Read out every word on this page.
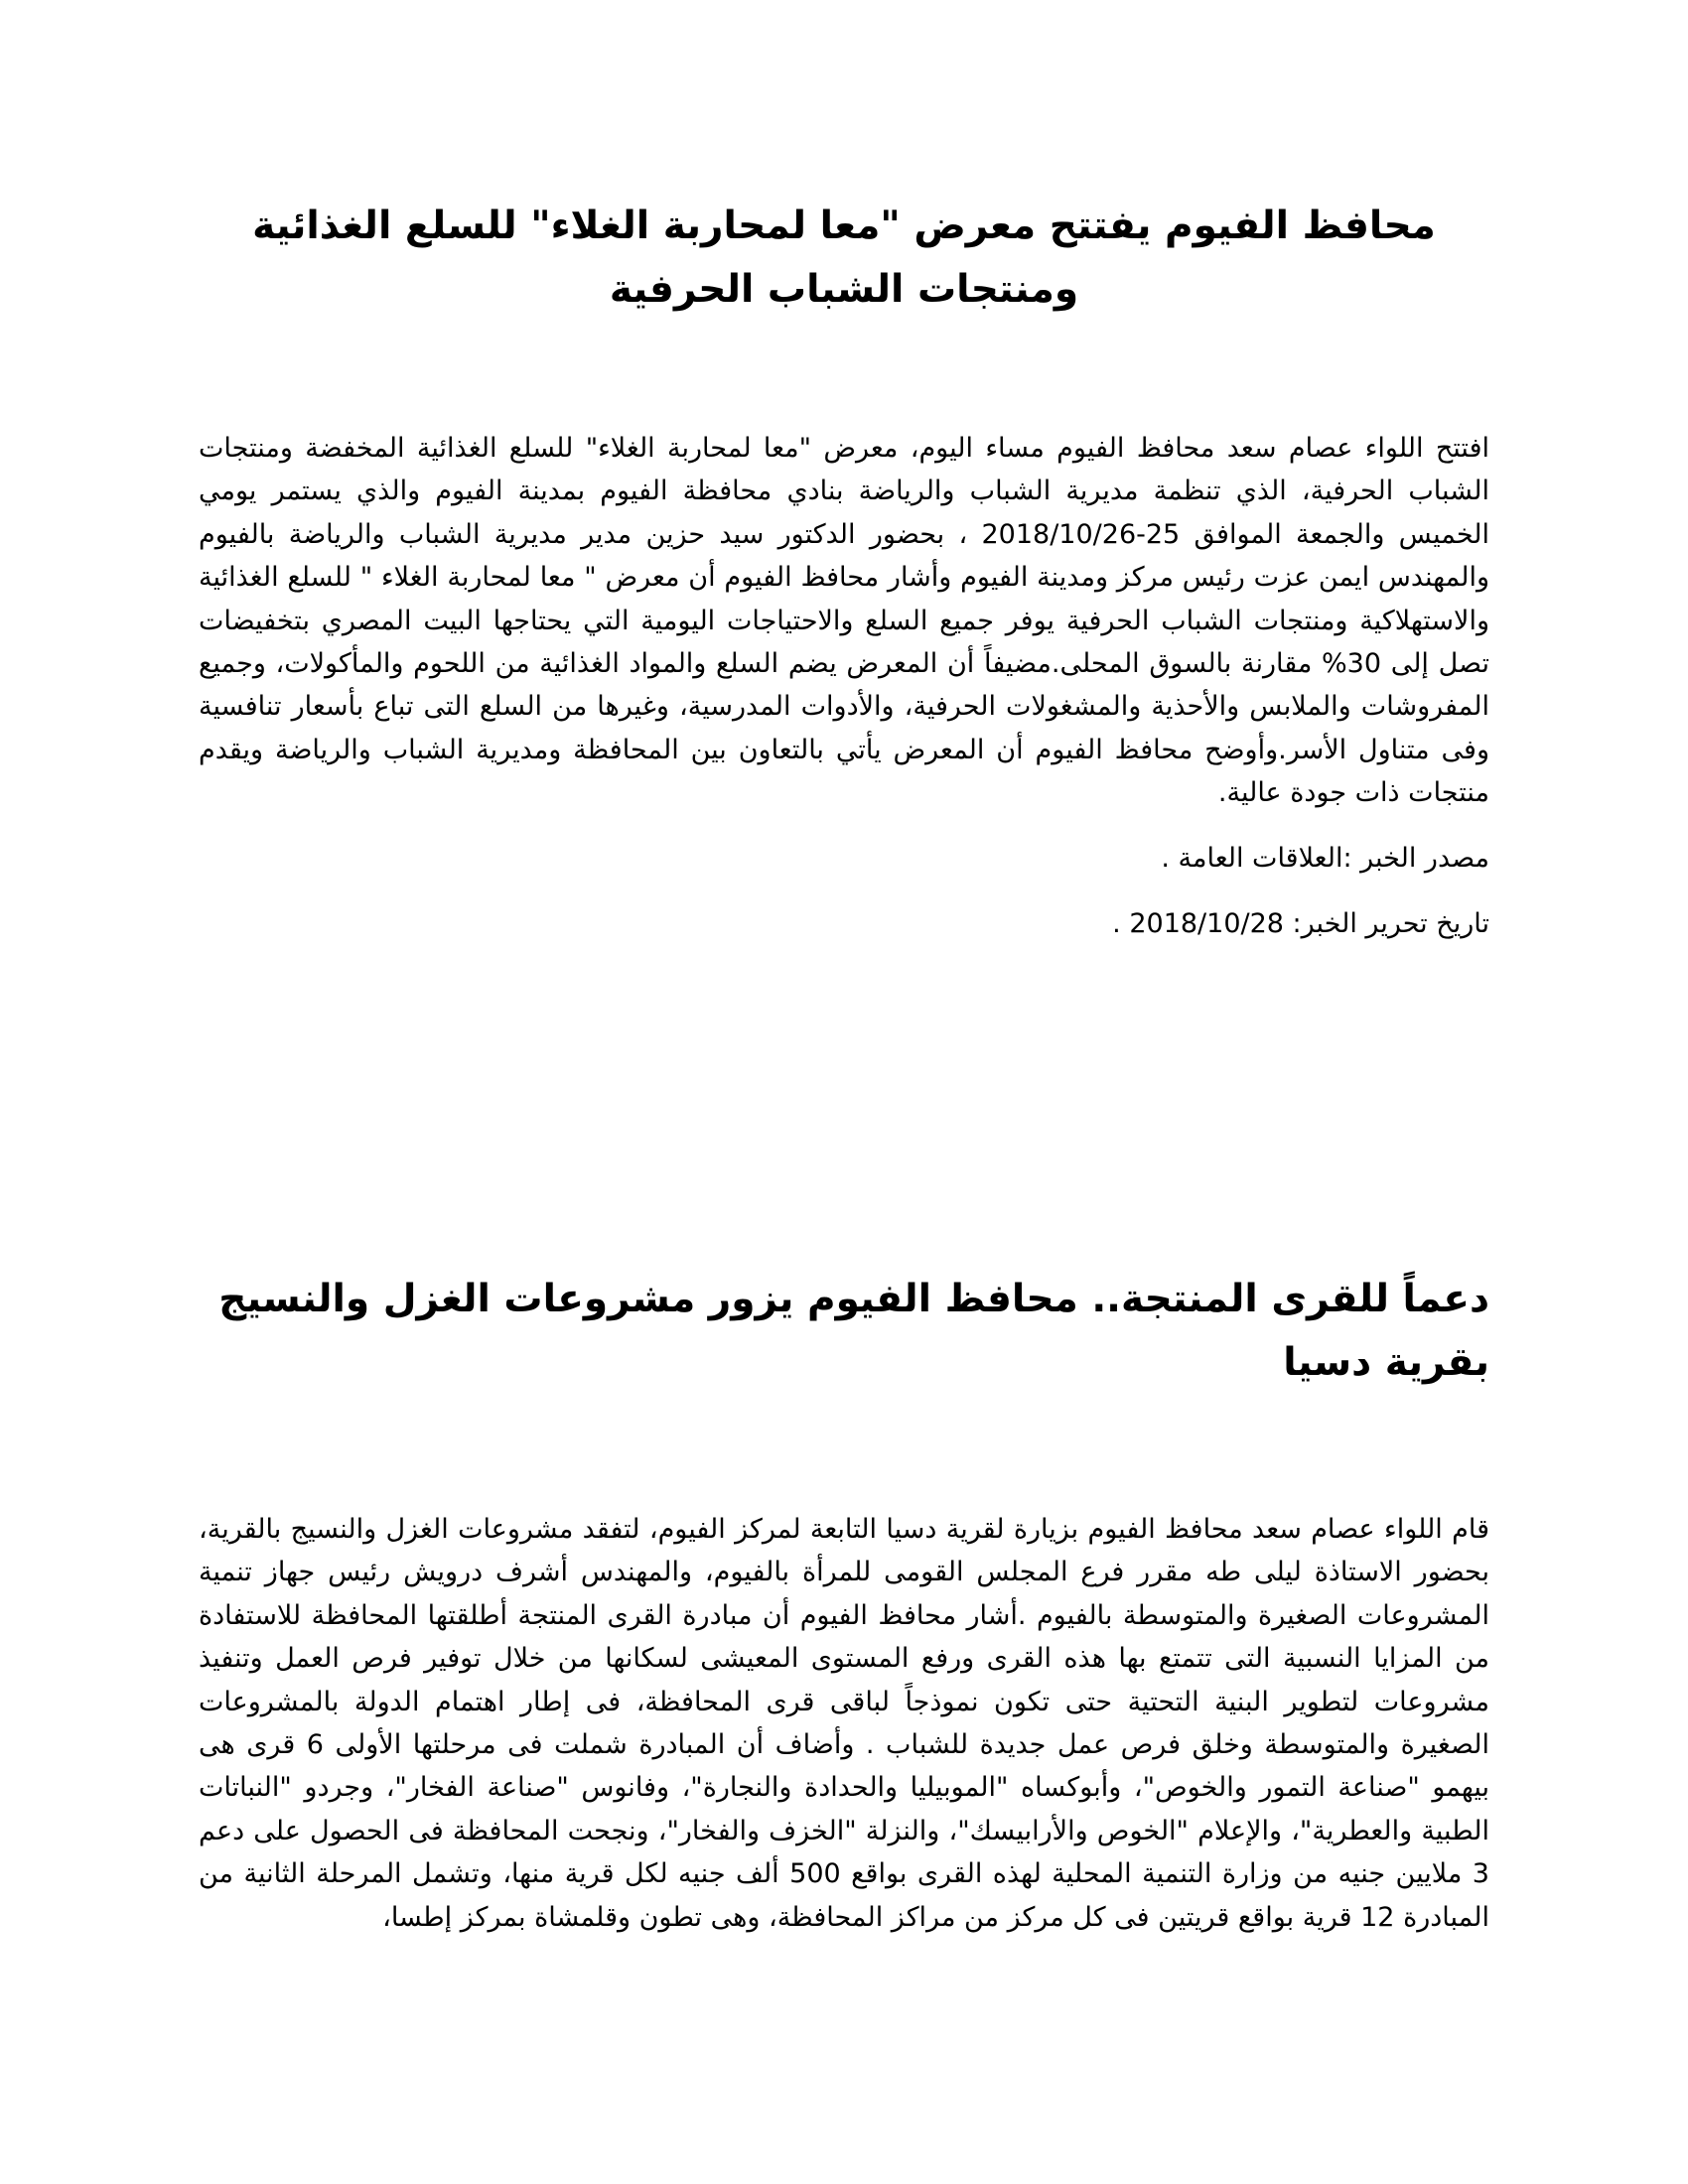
محافظ الفيوم يفتتح معرض "معا لمحاربة الغلاء" للسلع الغذائية ومنتجات الشباب الحرفية

افتتح اللواء عصام سعد محافظ الفيوم مساء اليوم، معرض "معا لمحاربة الغلاء" للسلع الغذائية المخفضة ومنتجات الشباب الحرفية، الذي تنظمة مديرية الشباب والرياضة بنادي محافظة الفيوم بمدينة الفيوم والذي يستمر يومي الخميس والجمعة الموافق 25-2018/10/26 ، بحضور الدكتور سيد حزين مدير مديرية الشباب والرياضة بالفيوم والمهندس ايمن عزت رئيس مركز ومدينة الفيوم وأشار محافظ الفيوم أن معرض " معا لمحاربة الغلاء " للسلع الغذائية والاستهلاكية ومنتجات الشباب الحرفية يوفر جميع السلع والاحتياجات اليومية التي يحتاجها البيت المصري بتخفيضات تصل إلى 30% مقارنة بالسوق المحلى.مضيفاً أن المعرض يضم السلع والمواد الغذائية من اللحوم والمأكولات، وجميع المفروشات والملابس والأحذية والمشغولات الحرفية، والأدوات المدرسية، وغيرها من السلع التى تباع بأسعار تنافسية وفى متناول الأسر.وأوضح محافظ الفيوم أن المعرض يأتي بالتعاون بين المحافظة ومديرية الشباب والرياضة ويقدم منتجات ذات جودة عالية.

مصدر الخبر :العلاقات العامة .

تاريخ تحرير الخبر: 2018/10/28 .

دعماً للقرى المنتجة.. محافظ الفيوم يزور مشروعات الغزل والنسيج بقرية دسيا

قام اللواء عصام سعد محافظ الفيوم بزيارة لقرية دسيا التابعة لمركز الفيوم، لتفقد مشروعات الغزل والنسيج بالقرية، بحضور الاستاذة ليلى طه مقرر فرع المجلس القومى للمرأة بالفيوم، والمهندس أشرف درويش رئيس جهاز تنمية المشروعات الصغيرة والمتوسطة بالفيوم .أشار محافظ الفيوم أن مبادرة القرى المنتجة أطلقتها المحافظة للاستفادة من المزايا النسبية التى تتمتع بها هذه القرى ورفع المستوى المعيشى لسكانها من خلال توفير فرص العمل وتنفيذ مشروعات لتطوير البنية التحتية حتى تكون نموذجاً لباقى قرى المحافظة، فى إطار اهتمام الدولة بالمشروعات الصغيرة والمتوسطة وخلق فرص عمل جديدة للشباب . وأضاف أن المبادرة شملت فى مرحلتها الأولى 6 قرى هى بيهمو "صناعة التمور والخوص"، وأبوكساه "الموبيليا والحدادة والنجارة"، وفانوس "صناعة الفخار"، وجردو "النباتات الطبية والعطرية"، والإعلام "الخوص والأرابيسك"، والنزلة "الخزف والفخار"، ونجحت المحافظة فى الحصول على دعم 3 ملايين جنيه من وزارة التنمية المحلية لهذه القرى بواقع 500 ألف جنيه لكل قرية منها، وتشمل المرحلة الثانية من المبادرة 12 قرية بواقع قريتين فى كل مركز من مراكز المحافظة، وهى تطون وقلمشاة بمركز إطسا،
